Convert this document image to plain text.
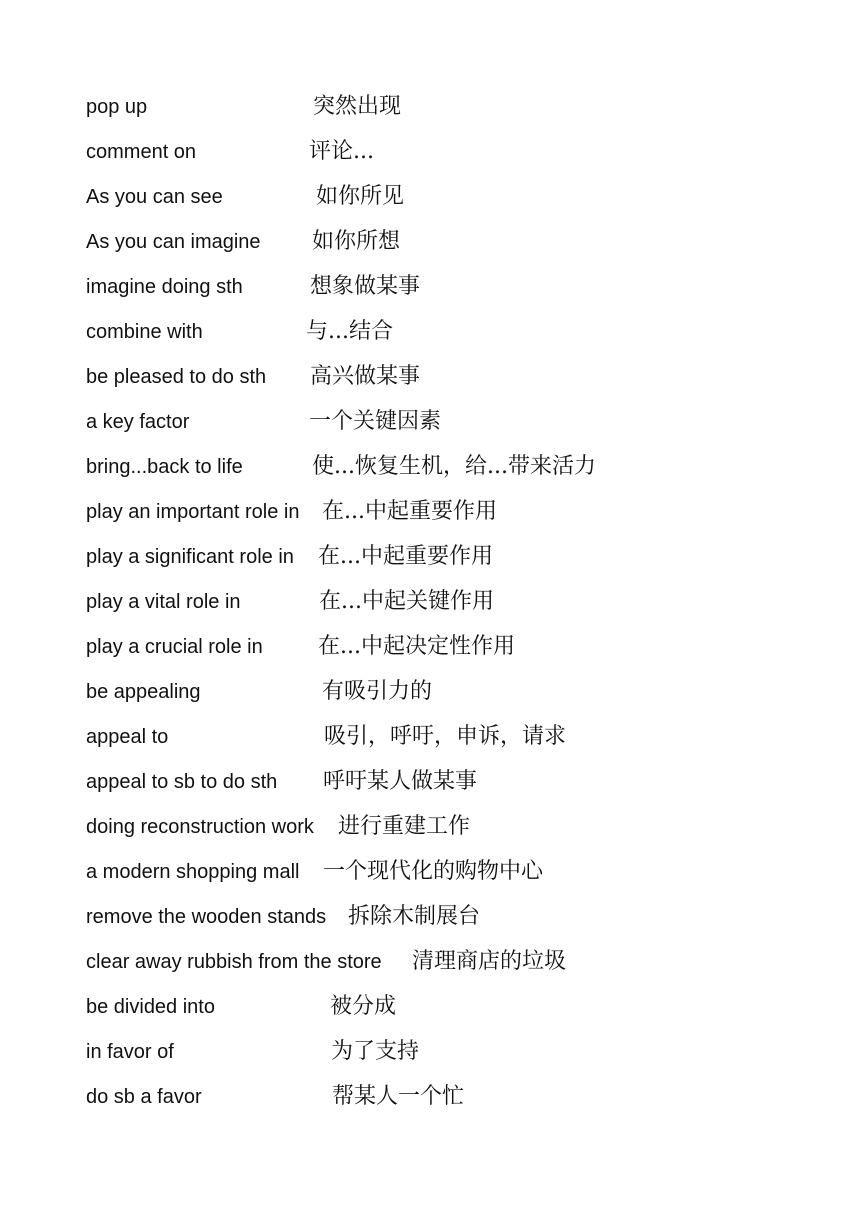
pop up	突然出现
comment on	评论...
As you can see	如你所见
As you can imagine 如你所想
imagine doing sth	想象做某事
combine with	与...结合
be pleased to do sth 高兴做某事
a key factor	一个关键因素
bring...back to life	使...恢复生机，给...带来活力
play an important role in 在...中起重要作用
play a significant role in 在...中起重要作用
play a vital role in	在...中起关键作用
play a crucial role in	在...中起决定性作用
be appealing	有吸引力的
appeal to	吸引，呼吁，申诉，请求
appeal to sb to do sth 呼吁某人做某事
doing reconstruction work 进行重建工作
a modern shopping mall 一个现代化的购物中心
remove the wooden stands 拆除木制展台
clear away rubbish from the store 清理商店的垃圾
be divided into	被分成
in favor of	为了支持
do sb a favor	帮某人一个忙
